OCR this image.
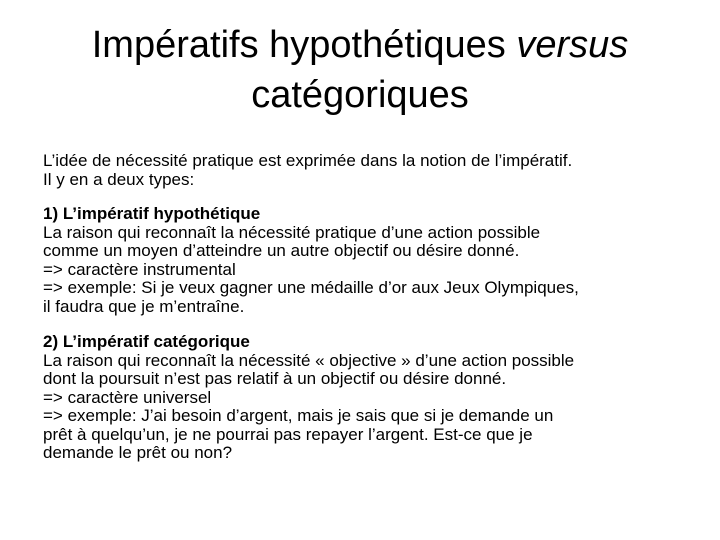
Impératifs hypothétiques versus
catégoriques

L’idée de nécessité pratique est exprimée dans la notion de l’impératif.
Il y en a deux types:

1) L’impératif hypothétique
La raison qui reconnaît la nécessité pratique d’une action possible
comme un moyen d’atteindre un autre objectif ou désire donné.
=> caractère instrumental
=> exemple: Si je veux gagner une médaille d’or aux Jeux Olympiques,
il faudra que je m’entraîne.
2) L’impératif catégorique
La raison qui reconnaît la nécessité « objective » d’une action possible
dont la poursuit n’est pas relatif à un objectif ou désire donné.
=> caractère universel
=> exemple: J’ai besoin d’argent, mais je sais que si je demande un
prêt à quelqu’un, je ne pourrai pas repayer l’argent. Est-ce que je
demande le prêt ou non?
